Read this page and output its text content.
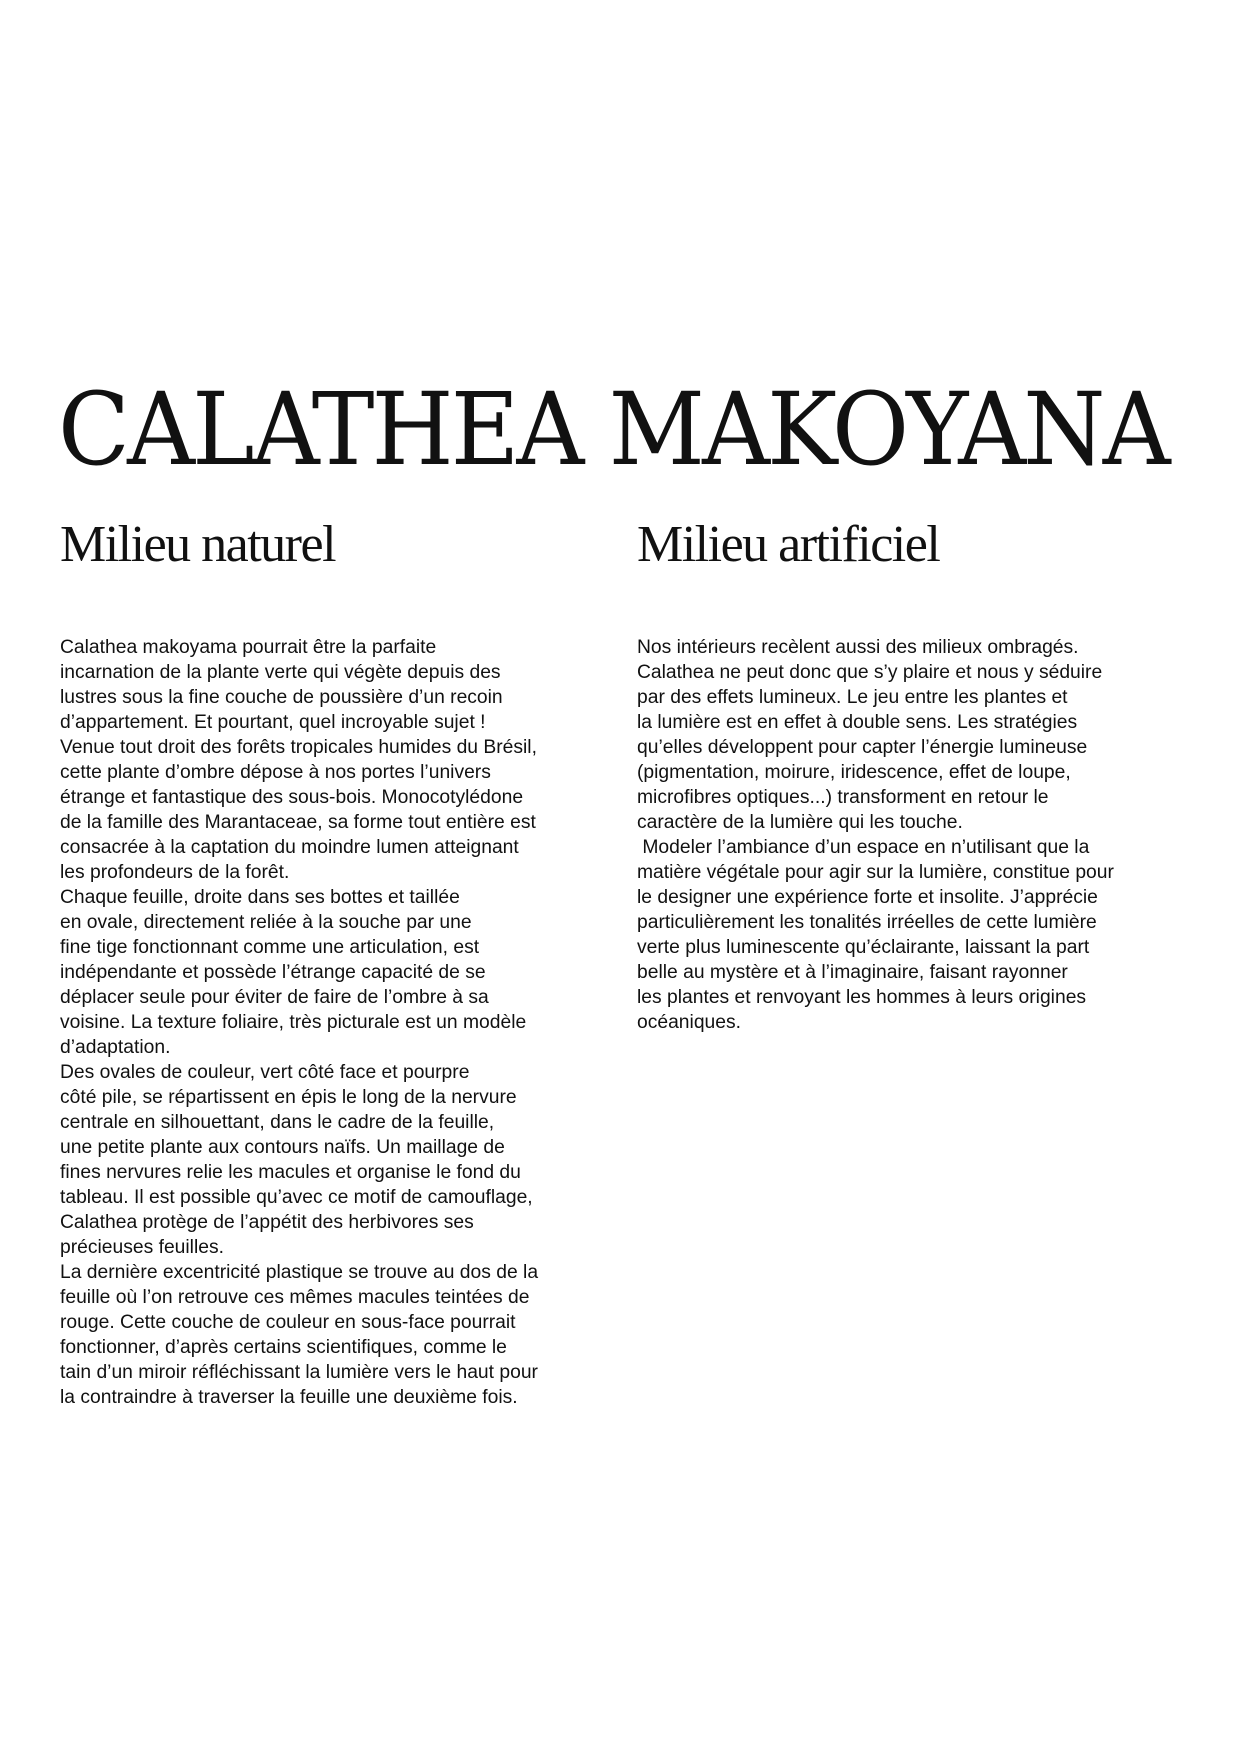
CALATHEA MAKOYANA
Milieu naturel
Calathea makoyama pourrait être la parfaite
incarnation de la plante verte qui végète depuis des
lustres sous la fine couche de poussière d’un recoin
d’appartement. Et pourtant, quel incroyable sujet !
Venue tout droit des forêts tropicales humides du Brésil,
cette plante d’ombre dépose à nos portes l’univers
étrange et fantastique des sous-bois. Monocotylédone
de la famille des Marantaceae, sa forme tout entière est
consacrée à la captation du moindre lumen atteignant
les profondeurs de la forêt.
Chaque feuille, droite dans ses bottes et taillée
en ovale, directement reliée à la souche par une
fine tige fonctionnant comme une articulation, est
indépendante et possède l’étrange capacité de se
déplacer seule pour éviter de faire de l’ombre à sa
voisine. La texture foliaire, très picturale est un modèle
d’adaptation.
Des ovales de couleur, vert côté face et pourpre
côté pile, se répartissent en épis le long de la nervure
centrale en silhouettant, dans le cadre de la feuille,
une petite plante aux contours naïfs. Un maillage de
fines nervures relie les macules et organise le fond du
tableau. Il est possible qu’avec ce motif de camouflage,
Calathea protège de l’appétit des herbivores ses
précieuses feuilles.
La dernière excentricité plastique se trouve au dos de la
feuille où l’on retrouve ces mêmes macules teintées de
rouge. Cette couche de couleur en sous-face pourrait
fonctionner, d’après certains scientifiques, comme le
tain d’un miroir réfléchissant la lumière vers le haut pour
la contraindre à traverser la feuille une deuxième fois.
Milieu artificiel
Nos intérieurs recèlent aussi des milieux ombragés.
Calathea ne peut donc que s’y plaire et nous y séduire
par des effets lumineux. Le jeu entre les plantes et
la lumière est en effet à double sens. Les stratégies
qu’elles développent pour capter l’énergie lumineuse
(pigmentation, moirure, iridescence, effet de loupe,
microfibres optiques...) transforment en retour le
caractère de la lumière qui les touche.
Modeler l’ambiance d’un espace en n’utilisant que la
matière végétale pour agir sur la lumière, constitue pour
le designer une expérience forte et insolite. J’apprécie
particulièrement les tonalités irréelles de cette lumière
verte plus luminescente qu’éclairante, laissant la part
belle au mystère et à l’imaginaire, faisant rayonner
les plantes et renvoyant les hommes à leurs origines
océaniques.
